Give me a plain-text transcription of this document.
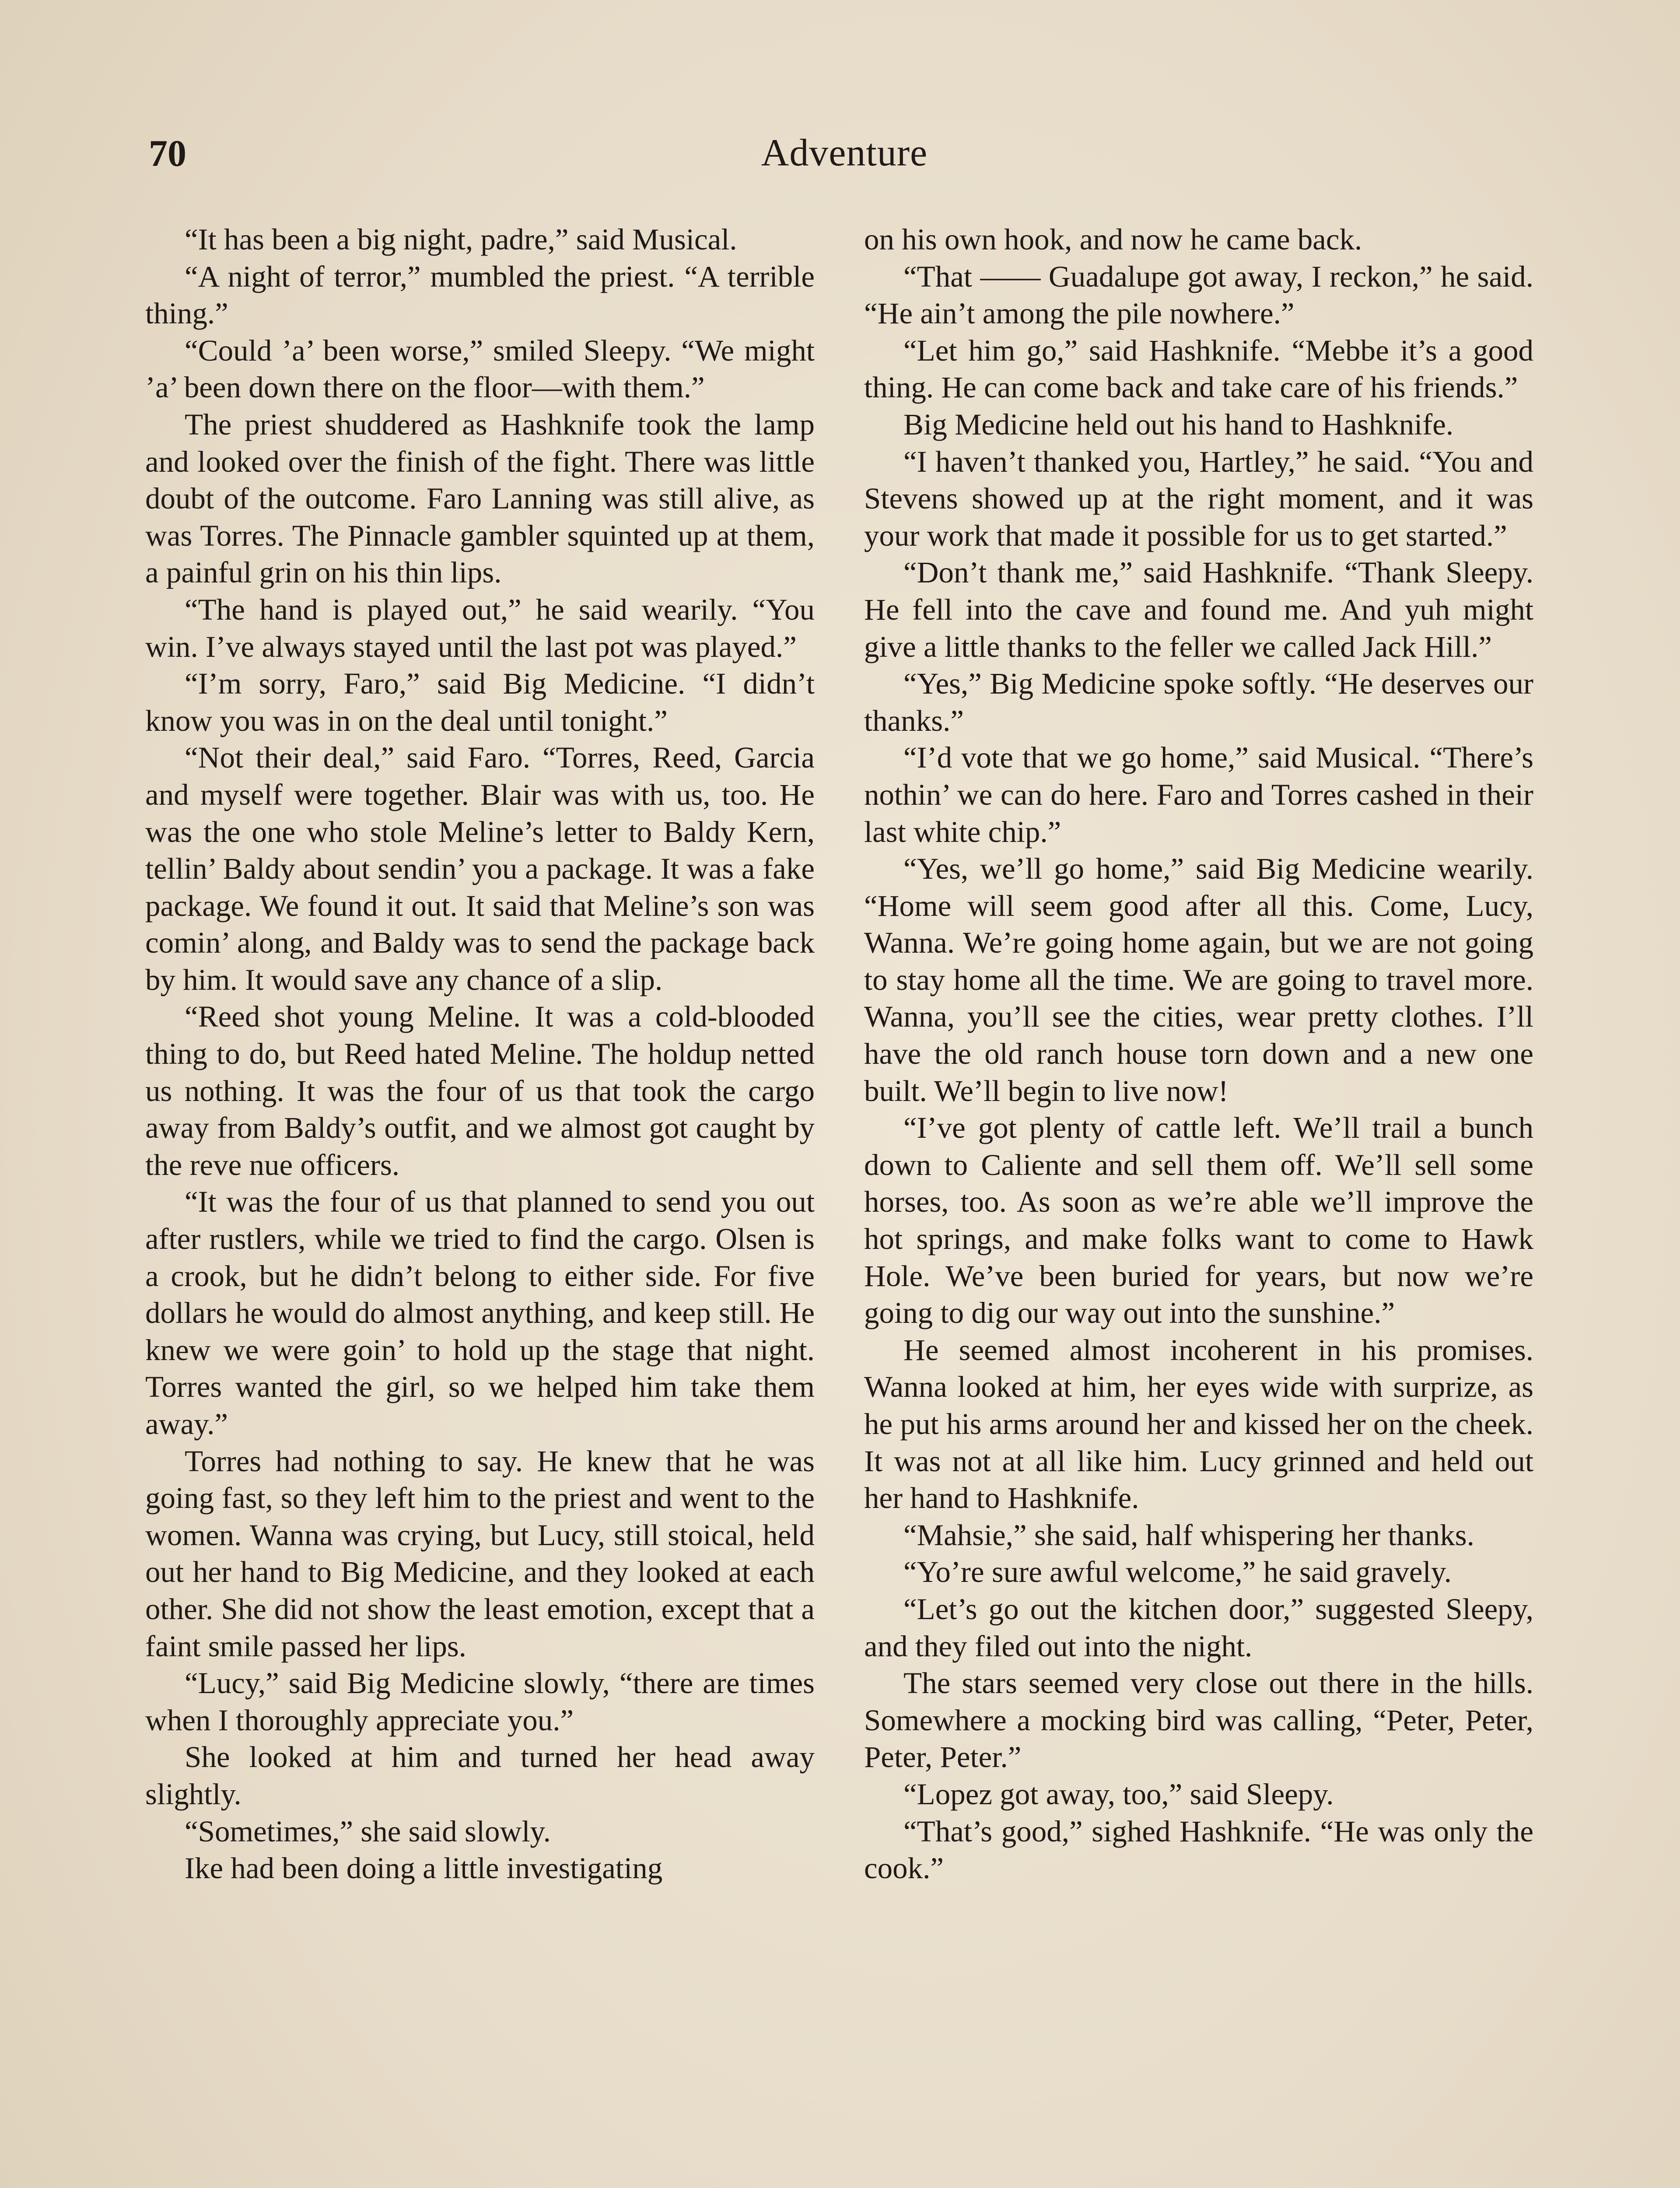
70	Adventure

“It has been a big night, padre,” said Musical.

“A night of terror,” mumbled the priest. “A terrible thing.”

“Could ’a’ been worse,” smiled Sleepy. “We might ’a’ been down there on the floor—with them.”

The priest shuddered as Hashknife took the lamp and looked over the finish of the fight. There was little doubt of the outcome. Faro Lanning was still alive, as was Torres. The Pinnacle gambler squinted up at them, a painful grin on his thin lips.

“The hand is played out,” he said wearily. “You win. I’ve always stayed until the last pot was played.”

“I’m sorry, Faro,” said Big Medicine. “I didn’t know you was in on the deal until tonight.”

“Not their deal,” said Faro. “Torres, Reed, Garcia and myself were together. Blair was with us, too. He was the one who stole Meline’s letter to Baldy Kern, tellin’ Baldy about sendin’ you a package. It was a fake package. We found it out. It said that Meline’s son was comin’ along, and Baldy was to send the package back by him. It would save any chance of a slip.

“Reed shot young Meline. It was a cold-blooded thing to do, but Reed hated Meline. The holdup netted us nothing. It was the four of us that took the cargo away from Baldy’s outfit, and we almost got caught by the reve nue officers.

“It was the four of us that planned to send you out after rustlers, while we tried to find the cargo. Olsen is a crook, but he didn’t belong to either side. For five dollars he would do almost anything, and keep still. He knew we were goin’ to hold up the stage that night. Torres wanted the girl, so we helped him take them away.”

Torres had nothing to say. He knew that he was going fast, so they left him to the priest and went to the women. Wanna was crying, but Lucy, still stoical, held out her hand to Big Medicine, and they looked at each other. She did not show the least emotion, except that a faint smile passed her lips.

“Lucy,” said Big Medicine slowly, “there are times when I thoroughly appreciate you.”

She looked at him and turned her head away slightly.

“Sometimes,” she said slowly.

Ike had been doing a little investigating

on his own hook, and now he came back.

“That —— Guadalupe got away, I reckon,” he said. “He ain’t among the pile nowhere.”

“Let him go,” said Hashknife. “Mebbe it’s a good thing. He can come back and take care of his friends.”

Big Medicine held out his hand to Hashknife.

“I haven’t thanked you, Hartley,” he said. “You and Stevens showed up at the right moment, and it was your work that made it possible for us to get started.”

“Don’t thank me,” said Hashknife. “Thank Sleepy. He fell into the cave and found me. And yuh might give a little thanks to the feller we called Jack Hill.”

“Yes,” Big Medicine spoke softly. “He deserves our thanks.”

“I’d vote that we go home,” said Musical. “There’s nothin’ we can do here. Faro and Torres cashed in their last white chip.”

“Yes, we’ll go home,” said Big Medicine wearily. “Home will seem good after all this. Come, Lucy, Wanna. We’re going home again, but we are not going to stay home all the time. We are going to travel more. Wanna, you’ll see the cities, wear pretty clothes. I’ll have the old ranch house torn down and a new one built. We’ll begin to live now!

“I’ve got plenty of cattle left. We’ll trail a bunch down to Caliente and sell them off. We’ll sell some horses, too. As soon as we’re able we’ll improve the hot springs, and make folks want to come to Hawk Hole. We’ve been buried for years, but now we’re going to dig our way out into the sunshine.”

He seemed almost incoherent in his promises. Wanna looked at him, her eyes wide with surprize, as he put his arms around her and kissed her on the cheek. It was not at all like him. Lucy grinned and held out her hand to Hashknife.

“Mahsie,” she said, half whispering her thanks.

“Yo’re sure awful welcome,” he said gravely.

“Let’s go out the kitchen door,” suggested Sleepy, and they filed out into the night.

The stars seemed very close out there in the hills. Somewhere a mocking bird was calling, “Peter, Peter, Peter, Peter.”

“Lopez got away, too,” said Sleepy.

“That’s good,” sighed Hashknife. “He was only the cook.”
